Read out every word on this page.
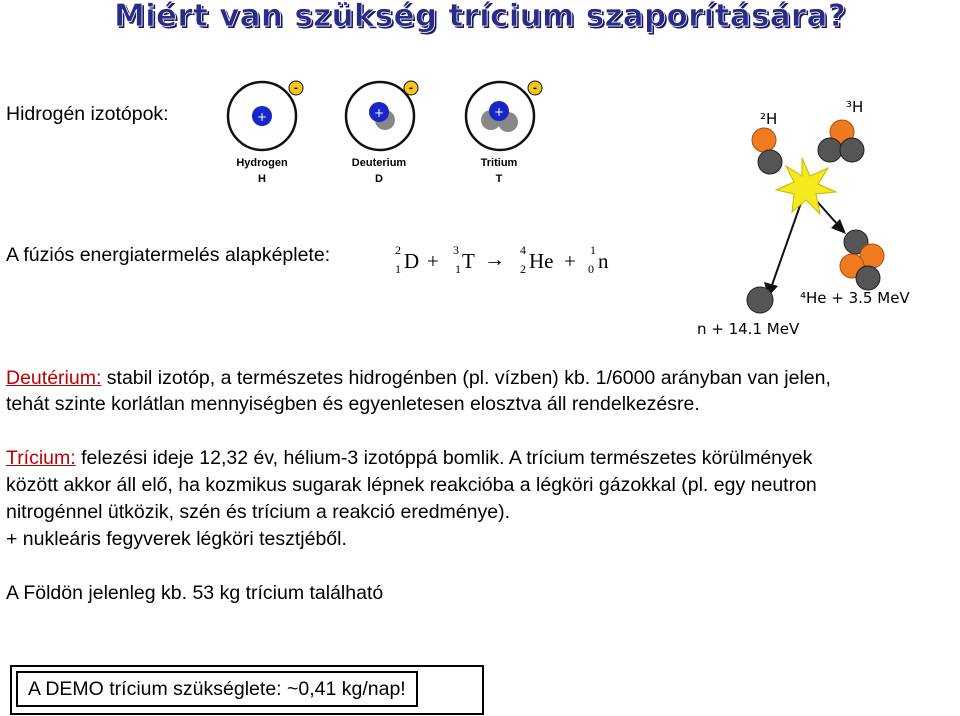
Miért van szükség trícium szaporítására?
Hidrogén izotópok:	+
-
+
-
+
-
Hydrogen
H
Deuterium
D
Tritium
T
A fúziós energiatermelés alapképlete:	2
1 D + 3
1 T → 4
2 He + 1
0 n
²H
³H
⁴He + 3.5 MeV
n + 14.1 MeV
Deutérium: stabil izotóp, a természetes hidrogénben (pl. vízben) kb. 1/6000 arányban van jelen,
tehát szinte korlátlan mennyiségben és egyenletesen elosztva áll rendelkezésre.
Trícium: felezési ideje 12,32 év, hélium-3 izotóppá bomlik. A trícium természetes körülmények
között akkor áll elő, ha kozmikus sugarak lépnek reakcióba a légköri gázokkal (pl. egy neutron
nitrogénnel ütközik, szén és trícium a reakció eredménye).
+ nukleáris fegyverek légköri tesztjéből.
A Földön jelenleg kb. 53 kg trícium található
A DEMO trícium szükséglete: ~0,41 kg/nap!
